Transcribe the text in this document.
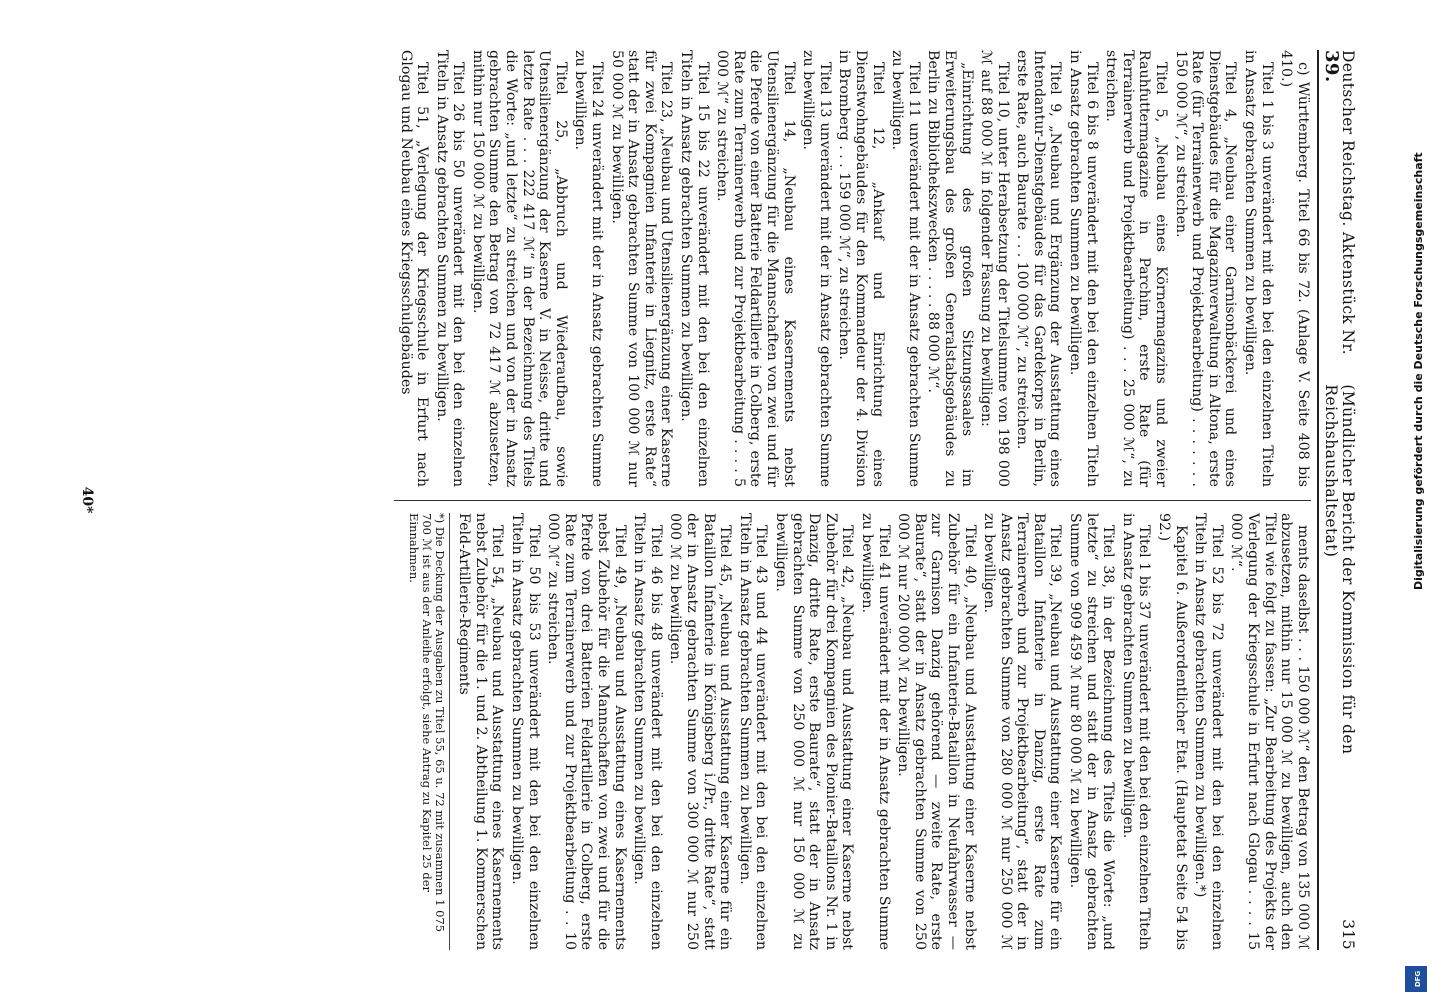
Deutscher Reichstag. Aktenstück Nr. 39.
(Mündlicher Bericht der Kommission für den Reichshaushaltsetat)
315

c) Württemberg. Titel 66 bis 72. (Anlage V. Seite 408 bis 410.)

Titel 1 bis 3 unverändert mit den bei den einzelnen Titeln in Ansatz gebrachten Summen zu bewilligen.

Titel 4, „Neubau einer Garnisonbäckerei und eines Dienstgebäudes für die Magazinverwaltung in Altona, erste Rate (für Terrainerwerb und Projektbearbeitung) . . . . . . . 150 000 ℳ“, zu streichen.

Titel 5, „Neubau eines Körnermagazins und zweier Rauhfuttermagazine in Parchim, erste Rate (für Terrainerwerb und Projektbearbeitung) . . . 25 000 ℳ“, zu streichen.

Titel 6 bis 8 unverändert mit den bei den einzelnen Titeln in Ansatz gebrachten Summen zu bewilligen.

Titel 9, „Neubau und Ergänzung der Ausstattung eines Intendantur-Dienstgebäudes für das Gardekorps in Berlin, erste Rate, auch Baurate . . . 100 000 ℳ“, zu streichen.

Titel 10, unter Herabsetzung der Titelsumme von 198 000 ℳ auf 88 000 ℳ in folgender Fassung zu bewilligen:

„Einrichtung des großen Sitzungssaales im Erweiterungsbau des großen Generalstabsgebäudes zu Berlin zu Bibliothekszwecken . . . . . 88 000 ℳ“.

Titel 11 unverändert mit der in Ansatz gebrachten Summe zu bewilligen.

Titel 12, „Ankauf und Einrichtung eines Dienstwohngebäudes für den Kommandeur der 4. Division in Bromberg . . . 159 000 ℳ“, zu streichen.

Titel 13 unverändert mit der in Ansatz gebrachten Summe zu bewilligen.

Titel 14, „Neubau eines Kasernements nebst Utensilienergänzung für die Mannschaften von zwei und für die Pferde von einer Batterie Feldartillerie in Colberg, erste Rate zum Terrainerwerb und zur Projektbearbeitung . . . . 5 000 ℳ“ zu streichen.

Titel 15 bis 22 unverändert mit den bei den einzelnen Titeln in Ansatz gebrachten Summen zu bewilligen.

Titel 23, „Neubau und Utensilienergänzung einer Kaserne für zwei Kompagnien Infanterie in Liegnitz, erste Rate“ statt der in Ansatz gebrachten Summe von 100 000 ℳ nur 50 000 ℳ zu bewilligen.

Titel 24 unverändert mit der in Ansatz gebrachten Summe zu bewilligen.

Titel 25, „Abbruch und Wiederaufbau, sowie Utensilienergänzung der Kaserne V. in Neisse, dritte und letzte Rate . . . 222 417 ℳ“ in der Bezeichnung des Titels die Worte: „und letzte“ zu streichen und von der in Ansatz gebrachten Summe den Betrag von 72 417 ℳ abzusetzen, mithin nur 150 000 ℳ zu bewilligen.

Titel 26 bis 50 unverändert mit den bei den einzelnen Titeln in Ansatz gebrachten Summen zu bewilligen.

Titel 51, „Verlegung der Kriegsschule in Erfurt nach Glogau und Neubau eines Kriegsschulgebäudes

ments daselbst . . . 150 000 ℳ“ den Betrag von 135 000 ℳ abzusetzen, mithin nur 15 000 ℳ zu bewilligen, auch den Titel wie folgt zu fassen: „Zur Bearbeitung des Projekts der Verlegung der Kriegsschule in Erfurt nach Glogau . . . . 15 000 ℳ“.

Titel 52 bis 72 unverändert mit den bei den einzelnen Titeln in Ansatz gebrachten Summen zu bewilligen.*)

Kapitel 6. Außerordentlicher Etat. (Hauptetat Seite 54 bis 92.)

Titel 1 bis 37 unverändert mit den bei den einzelnen Titeln in Ansatz gebrachten Summen zu bewilligen.

Titel 38, in der Bezeichnung des Titels die Worte: „und letzte“ zu streichen und statt der in Ansatz gebrachten Summe von 909 459 ℳ nur 80 000 ℳ zu bewilligen.

Titel 39, „Neubau und Ausstattung einer Kaserne für ein Bataillon Infanterie in Danzig, erste Rate zum Terrainerwerb und zur Projektbearbeitung“, statt der in Ansatz gebrachten Summe von 280 000 ℳ nur 250 000 ℳ zu bewilligen.

Titel 40, „Neubau und Ausstattung einer Kaserne nebst Zubehör für ein Infanterie-Bataillon in Neufahrwasser — zur Garnison Danzig gehörend — zweite Rate, erste Baurate“, statt der in Ansatz gebrachten Summe von 250 000 ℳ nur 200 000 ℳ zu bewilligen.

Titel 41 unverändert mit der in Ansatz gebrachten Summe zu bewilligen.

Titel 42, „Neubau und Ausstattung einer Kaserne nebst Zubehör für drei Kompagnien des Pionier-Bataillons Nr. 1 in Danzig, dritte Rate, erste Baurate“, statt der in Ansatz gebrachten Summe von 250 000 ℳ nur 150 000 ℳ zu bewilligen.

Titel 43 und 44 unverändert mit den bei den einzelnen Titeln in Ansatz gebrachten Summen zu bewilligen.

Titel 45, „Neubau und Ausstattung einer Kaserne für ein Bataillon Infanterie in Königsberg i./Pr., dritte Rate“, statt der in Ansatz gebrachten Summe von 300 000 ℳ nur 250 000 ℳ zu bewilligen.

Titel 46 bis 48 unverändert mit den bei den einzelnen Titeln in Ansatz gebrachten Summen zu bewilligen.

Titel 49, „Neubau und Ausstattung eines Kasernements nebst Zubehör für die Mannschaften von zwei und für die Pferde von drei Batterien Feldartillerie in Colberg, erste Rate zum Terrainerwerb und zur Projektbearbeitung . . 10 000 ℳ“ zu streichen.

Titel 50 bis 53 unverändert mit den bei den einzelnen Titeln in Ansatz gebrachten Summen zu bewilligen.

Titel 54, „Neubau und Ausstattung eines Kasernements nebst Zubehör für die 1. und 2. Abtheilung 1. Kommerschen Feld-Artillerie-Regiments

*) Die Deckung der Ausgaben zu Titel 55, 65 u. 72 mit zusammen 1 075 700 ℳ ist aus der Anleihe erfolgt, siehe Antrag zu Kapitel 25 der Einnahmen.
40*	Digitalisierung gefördert durch die Deutsche Forschungsgemeinschaft
DFG
